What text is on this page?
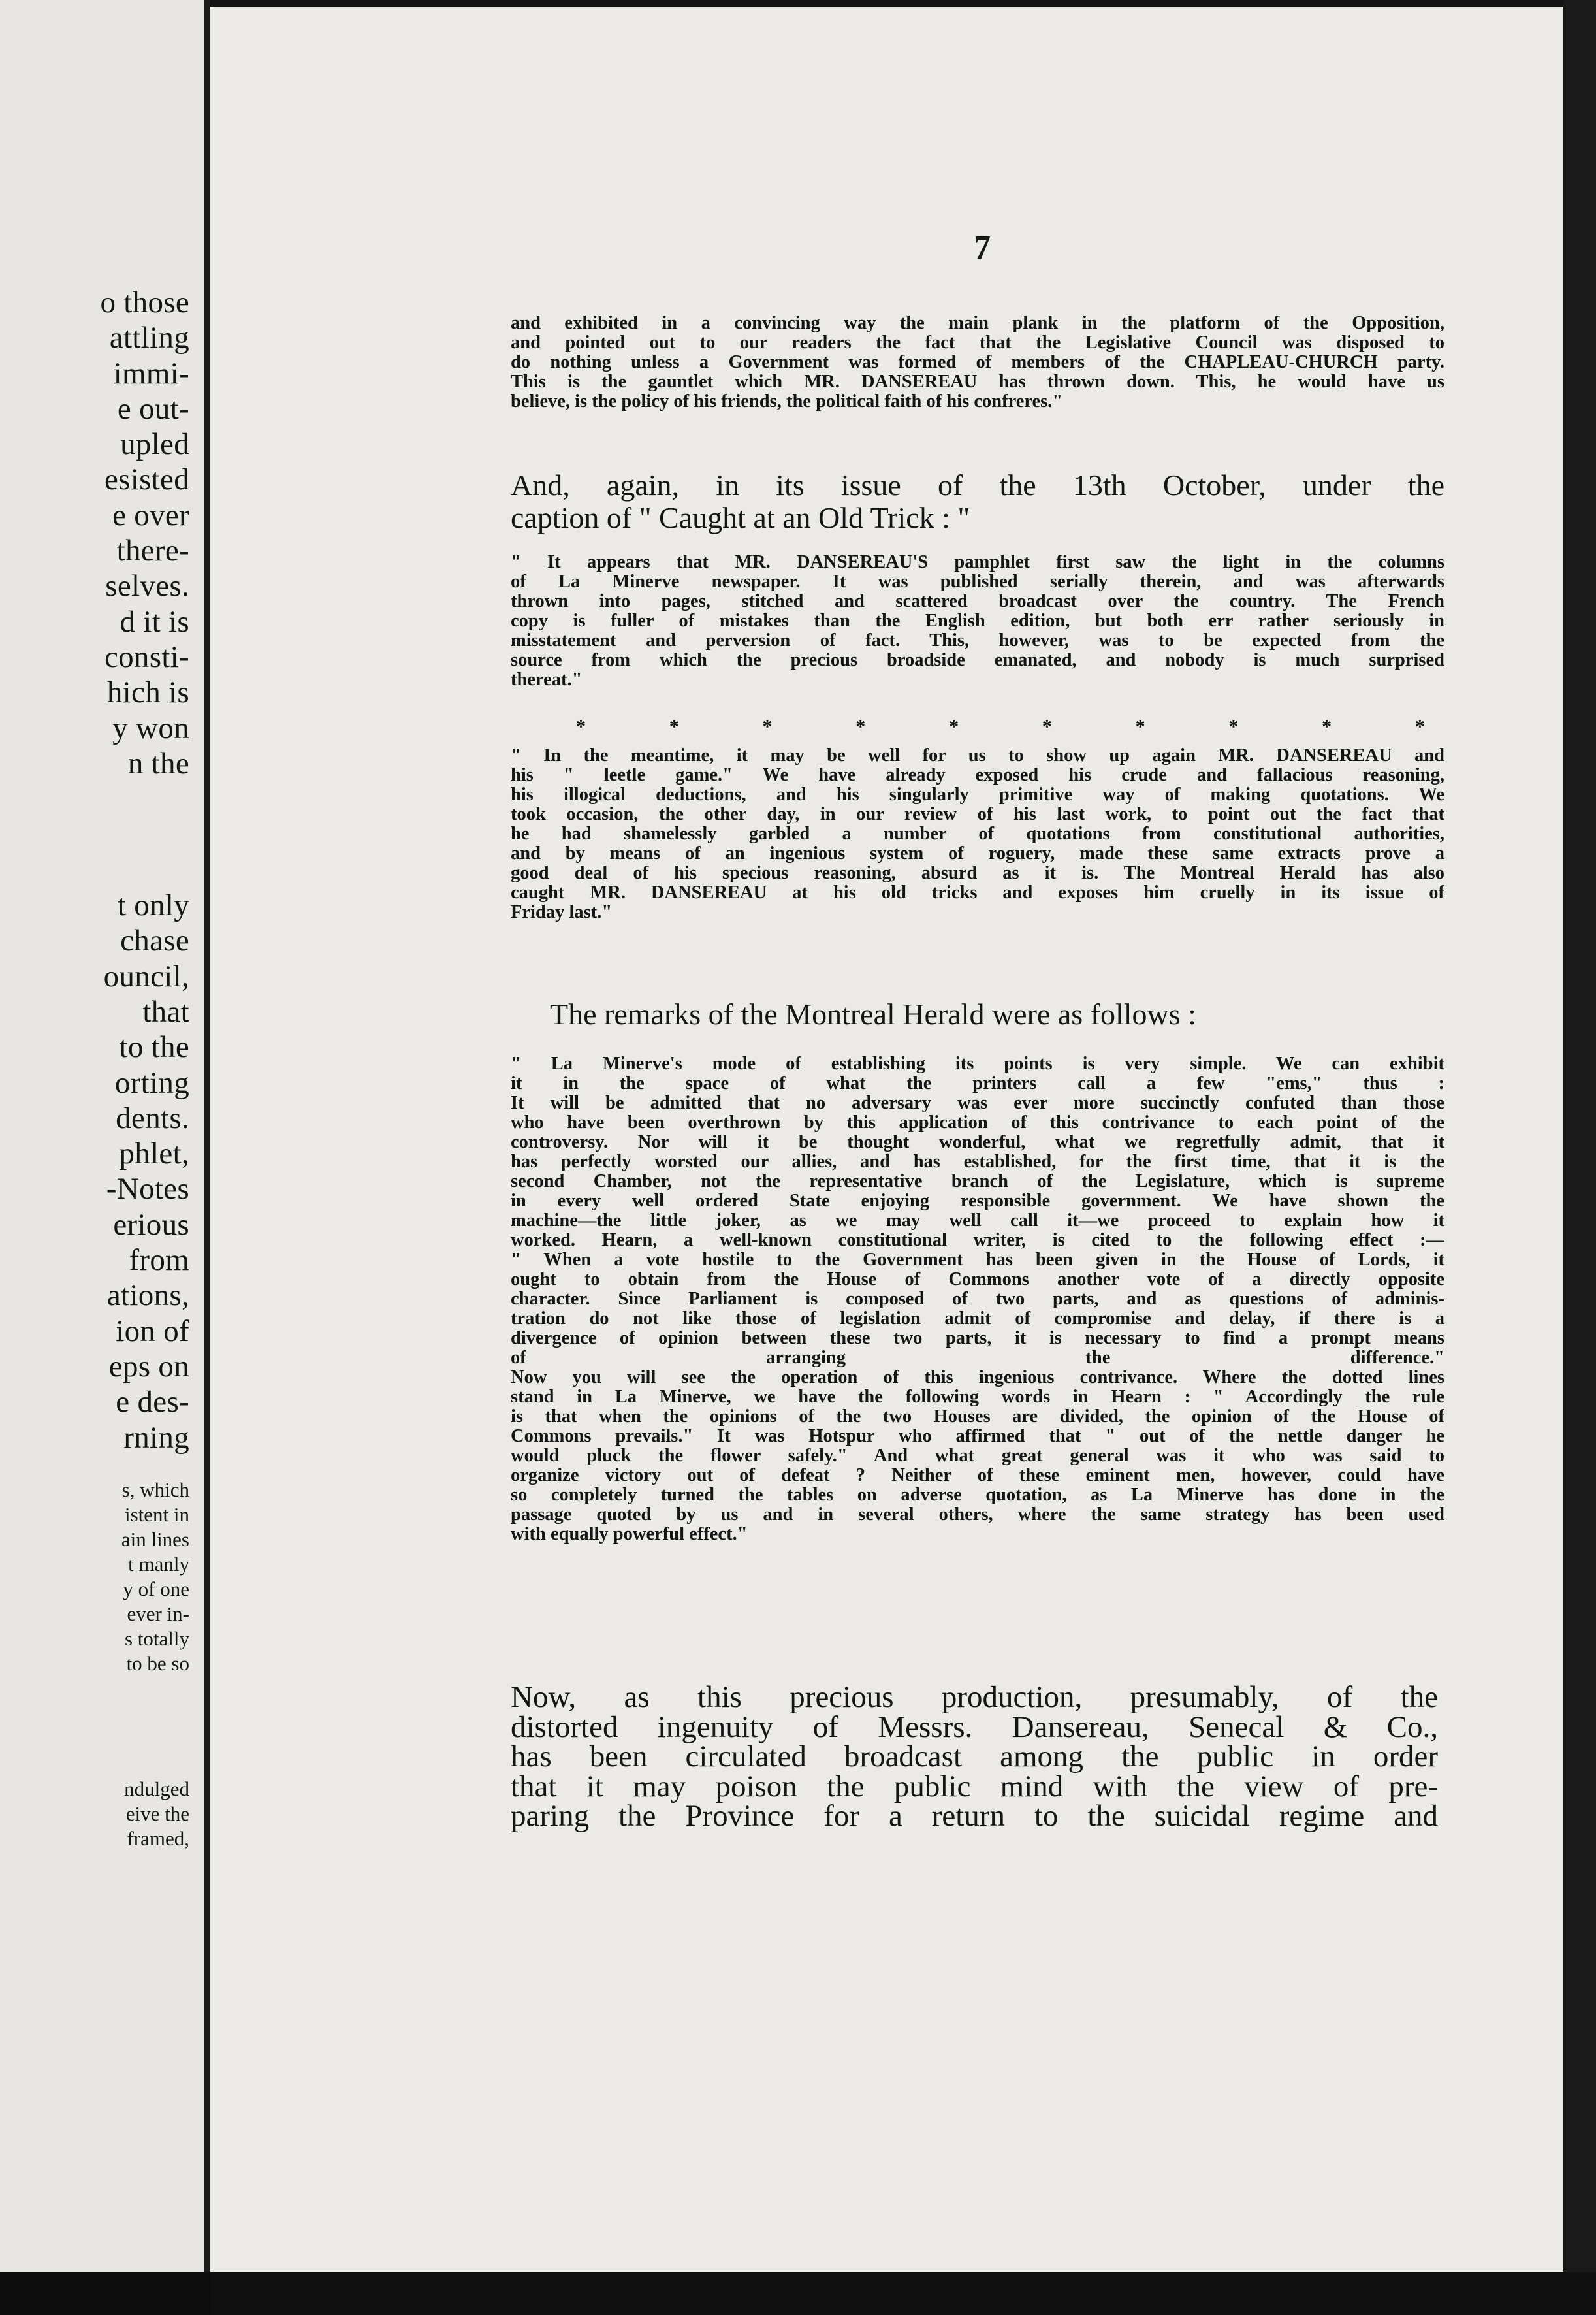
o those
attling
immi-
e out-
upled
esisted
e over
there-
selves.
d it is
consti-
hich is
y won
n the

t only
chase
ouncil,
that
to the
orting
dents.
phlet,
-Notes
erious
from
ations,
ion of
eps on
e des-
rning
s, which
istent in
ain lines
t manly
y of one
ever in-
s totally
to be so
ndulged
eive the
framed,
7
and exhibited in a convincing way the main plank in the platform of the Opposition,
and pointed out to our readers the fact that the Legislative Council was disposed to
do nothing unless a Government was formed of members of the CHAPLEAU-CHURCH party.
This is the gauntlet which MR. DANSEREAU has thrown down. This, he would have us
believe, is the policy of his friends, the political faith of his confreres."
And, again, in its issue of the 13th October, under the
caption of " Caught at an Old Trick : "
" It appears that MR. DANSEREAU'S pamphlet first saw the light in the columns
of La Minerve newspaper. It was published serially therein, and was afterwards
thrown into pages, stitched and scattered broadcast over the country. The French
copy is fuller of mistakes than the English edition, but both err rather seriously in
misstatement and perversion of fact. This, however, was to be expected from the
source from which the precious broadside emanated, and nobody is much surprised
thereat."
*	*	*	*	*	*	*	*	*	*
" In the meantime, it may be well for us to show up again MR. DANSEREAU and
his " leetle game." We have already exposed his crude and fallacious reasoning,
his illogical deductions, and his singularly primitive way of making quotations. We
took occasion, the other day, in our review of his last work, to point out the fact that
he had shamelessly garbled a number of quotations from constitutional authorities,
and by means of an ingenious system of roguery, made these same extracts prove a
good deal of his specious reasoning, absurd as it is. The Montreal Herald has also
caught MR. DANSEREAU at his old tricks and exposes him cruelly in its issue of
Friday last."
The remarks of the Montreal Herald were as follows :
" La Minerve's mode of establishing its points is very simple. We can exhibit
it in the space of what the printers call a few "ems," thus :
It will be admitted that no adversary was ever more succinctly confuted than those
who have been overthrown by this application of this contrivance to each point of the
controversy. Nor will it be thought wonderful, what we regretfully admit, that it
has perfectly worsted our allies, and has established, for the first time, that it is the
second Chamber, not the representative branch of the Legislature, which is supreme
in every well ordered State enjoying responsible government. We have shown the
machine—the little joker, as we may well call it—we proceed to explain how it
worked. Hearn, a well-known constitutional writer, is cited to the following effect :—
" When a vote hostile to the Government has been given in the House of Lords, it
ought to obtain from the House of Commons another vote of a directly opposite
character. Since Parliament is composed of two parts, and as questions of adminis-
tration do not like those of legislation admit of compromise and delay, if there is a
divergence of opinion between these two parts, it is necessary to find a prompt means
of arranging the difference."
Now you will see the operation of this ingenious contrivance. Where the dotted lines
stand in La Minerve, we have the following words in Hearn : " Accordingly the rule
is that when the opinions of the two Houses are divided, the opinion of the House of
Commons prevails." It was Hotspur who affirmed that " out of the nettle danger he
would pluck the flower safely." And what great general was it who was said to
organize victory out of defeat ? Neither of these eminent men, however, could have
so completely turned the tables on adverse quotation, as La Minerve has done in the
passage quoted by us and in several others, where the same strategy has been used
with equally powerful effect."
Now, as this precious production, presumably, of the
distorted ingenuity of Messrs. Dansereau, Senecal & Co.,
has been circulated broadcast among the public in order
that it may poison the public mind with the view of pre-
paring the Province for a return to the suicidal regime and
